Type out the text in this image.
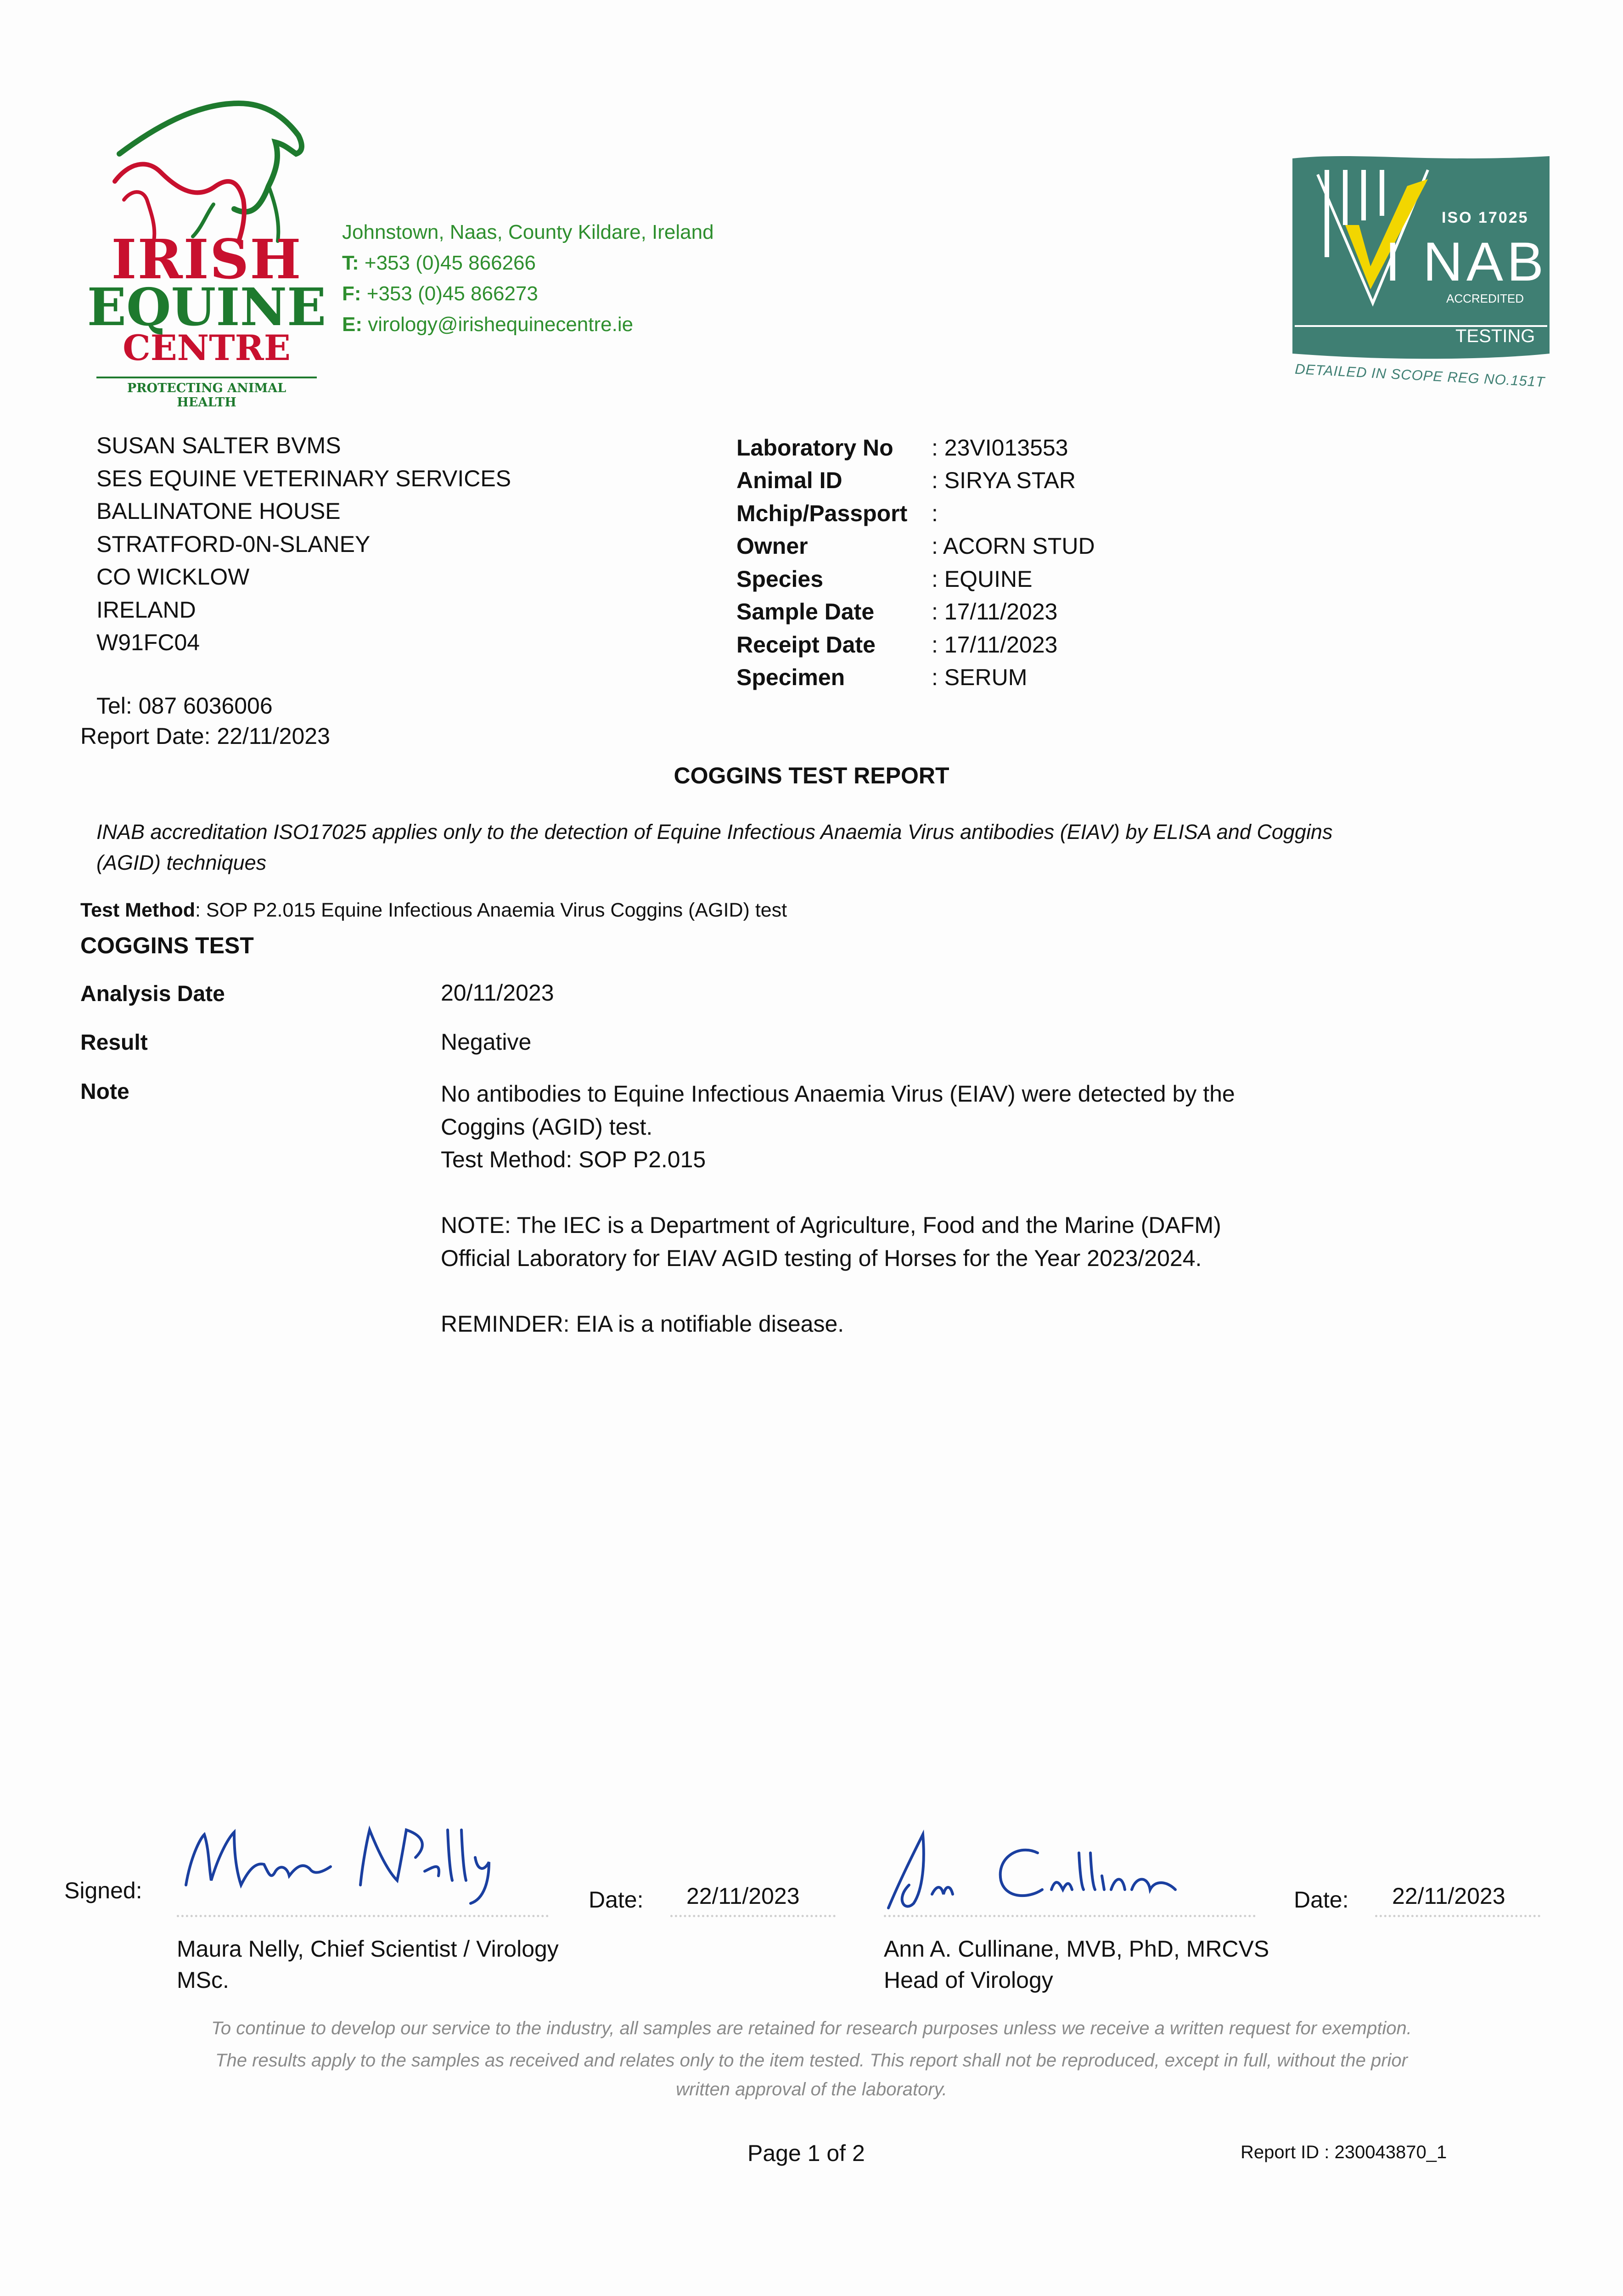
IRISH
EQUINE
CENTRE
PROTECTING ANIMAL HEALTH
Johnstown, Naas, County Kildare, Ireland
T: +353 (0)45 866266
F: +353 (0)45 866273
E: virology@irishequinecentre.ie
ISO 17025
I NAB
ACCREDITED
TESTING
DETAILED IN SCOPE REG NO.151T
SUSAN SALTER BVMS
SES EQUINE VETERINARY SERVICES
BALLINATONE HOUSE
STRATFORD-0N-SLANEY
CO WICKLOW
IRELAND
W91FC04
Tel: 087 6036006
Report Date: 22/11/2023
Laboratory No	: 23VI013553
Animal ID	: SIRYA STAR
Mchip/Passport	:
Owner	: ACORN STUD
Species	: EQUINE
Sample Date	: 17/11/2023
Receipt Date	: 17/11/2023
Specimen	: SERUM
COGGINS TEST REPORT
INAB accreditation ISO17025 applies only to the detection of Equine Infectious Anaemia Virus antibodies (EIAV) by ELISA and Coggins (AGID) techniques
Test Method: SOP P2.015 Equine Infectious Anaemia Virus Coggins (AGID) test
COGGINS TEST
Analysis Date	20/11/2023
Result	Negative
Note	No antibodies to Equine Infectious Anaemia Virus (EIAV) were detected by the Coggins (AGID) test.
Test Method: SOP P2.015

NOTE: The IEC is a Department of Agriculture, Food and the Marine (DAFM) Official Laboratory for EIAV AGID testing of Horses for the Year 2023/2024.

REMINDER: EIA is a notifiable disease.

Signed:	Date: 22/11/2023
Maura Nelly, Chief Scientist / Virology
MSc.
Date: 22/11/2023
Ann A. Cullinane, MVB, PhD, MRCVS
Head of Virology
To continue to develop our service to the industry, all samples are retained for research purposes unless we receive a written request for exemption.
The results apply to the samples as received and relates only to the item tested. This report shall not be reproduced, except in full, without the prior
written approval of the laboratory.
Page 1 of 2	Report ID : 230043870_1
